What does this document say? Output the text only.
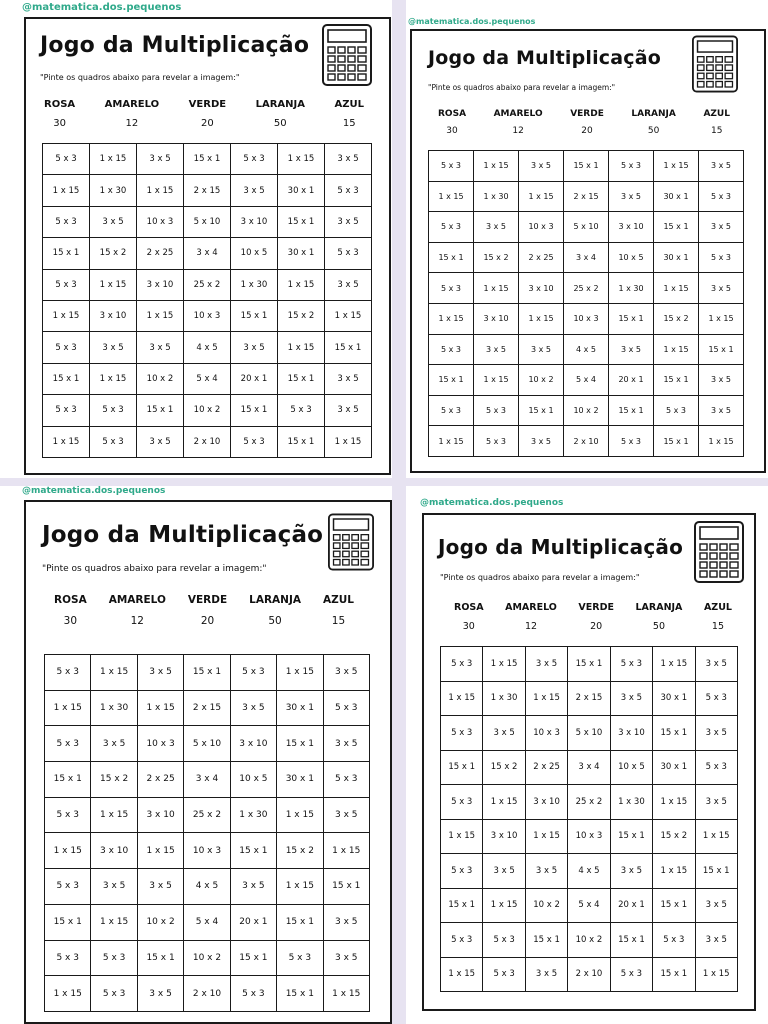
@matematica.dos.pequenos
Jogo da Multiplicação
"Pinte os quadros abaixo para revelar a imagem:"
ROSA
30
AMARELO
12
VERDE
20
LARANJA
50
AZUL
15
5 x 3	1 x 15	3 x 5	15 x 1	5 x 3	1 x 15	3 x 5
1 x 15	1 x 30	1 x 15	2 x 15	3 x 5	30 x 1	5 x 3
5 x 3	3 x 5	10 x 3	5 x 10	3 x 10	15 x 1	3 x 5
15 x 1	15 x 2	2 x 25	3 x 4	10 x 5	30 x 1	5 x 3
5 x 3	1 x 15	3 x 10	25 x 2	1 x 30	1 x 15	3 x 5
1 x 15	3 x 10	1 x 15	10 x 3	15 x 1	15 x 2	1 x 15
5 x 3	3 x 5	3 x 5	4 x 5	3 x 5	1 x 15	15 x 1
15 x 1	1 x 15	10 x 2	5 x 4	20 x 1	15 x 1	3 x 5
5 x 3	5 x 3	15 x 1	10 x 2	15 x 1	5 x 3	3 x 5
1 x 15	5 x 3	3 x 5	2 x 10	5 x 3	15 x 1	1 x 15
@matematica.dos.pequenos
Jogo da Multiplicação
"Pinte os quadros abaixo para revelar a imagem:"
ROSA
30
AMARELO
12
VERDE
20
LARANJA
50
AZUL
15
5 x 3	1 x 15	3 x 5	15 x 1	5 x 3	1 x 15	3 x 5
1 x 15	1 x 30	1 x 15	2 x 15	3 x 5	30 x 1	5 x 3
5 x 3	3 x 5	10 x 3	5 x 10	3 x 10	15 x 1	3 x 5
15 x 1	15 x 2	2 x 25	3 x 4	10 x 5	30 x 1	5 x 3
5 x 3	1 x 15	3 x 10	25 x 2	1 x 30	1 x 15	3 x 5
1 x 15	3 x 10	1 x 15	10 x 3	15 x 1	15 x 2	1 x 15
5 x 3	3 x 5	3 x 5	4 x 5	3 x 5	1 x 15	15 x 1
15 x 1	1 x 15	10 x 2	5 x 4	20 x 1	15 x 1	3 x 5
5 x 3	5 x 3	15 x 1	10 x 2	15 x 1	5 x 3	3 x 5
1 x 15	5 x 3	3 x 5	2 x 10	5 x 3	15 x 1	1 x 15
@matematica.dos.pequenos
Jogo da Multiplicação
"Pinte os quadros abaixo para revelar a imagem:"
ROSA
30
AMARELO
12
VERDE
20
LARANJA
50
AZUL
15
5 x 3	1 x 15	3 x 5	15 x 1	5 x 3	1 x 15	3 x 5
1 x 15	1 x 30	1 x 15	2 x 15	3 x 5	30 x 1	5 x 3
5 x 3	3 x 5	10 x 3	5 x 10	3 x 10	15 x 1	3 x 5
15 x 1	15 x 2	2 x 25	3 x 4	10 x 5	30 x 1	5 x 3
5 x 3	1 x 15	3 x 10	25 x 2	1 x 30	1 x 15	3 x 5
1 x 15	3 x 10	1 x 15	10 x 3	15 x 1	15 x 2	1 x 15
5 x 3	3 x 5	3 x 5	4 x 5	3 x 5	1 x 15	15 x 1
15 x 1	1 x 15	10 x 2	5 x 4	20 x 1	15 x 1	3 x 5
5 x 3	5 x 3	15 x 1	10 x 2	15 x 1	5 x 3	3 x 5
1 x 15	5 x 3	3 x 5	2 x 10	5 x 3	15 x 1	1 x 15
@matematica.dos.pequenos
Jogo da Multiplicação
"Pinte os quadros abaixo para revelar a imagem:"
ROSA
30
AMARELO
12
VERDE
20
LARANJA
50
AZUL
15
5 x 3	1 x 15	3 x 5	15 x 1	5 x 3	1 x 15	3 x 5
1 x 15	1 x 30	1 x 15	2 x 15	3 x 5	30 x 1	5 x 3
5 x 3	3 x 5	10 x 3	5 x 10	3 x 10	15 x 1	3 x 5
15 x 1	15 x 2	2 x 25	3 x 4	10 x 5	30 x 1	5 x 3
5 x 3	1 x 15	3 x 10	25 x 2	1 x 30	1 x 15	3 x 5
1 x 15	3 x 10	1 x 15	10 x 3	15 x 1	15 x 2	1 x 15
5 x 3	3 x 5	3 x 5	4 x 5	3 x 5	1 x 15	15 x 1
15 x 1	1 x 15	10 x 2	5 x 4	20 x 1	15 x 1	3 x 5
5 x 3	5 x 3	15 x 1	10 x 2	15 x 1	5 x 3	3 x 5
1 x 15	5 x 3	3 x 5	2 x 10	5 x 3	15 x 1	1 x 15
